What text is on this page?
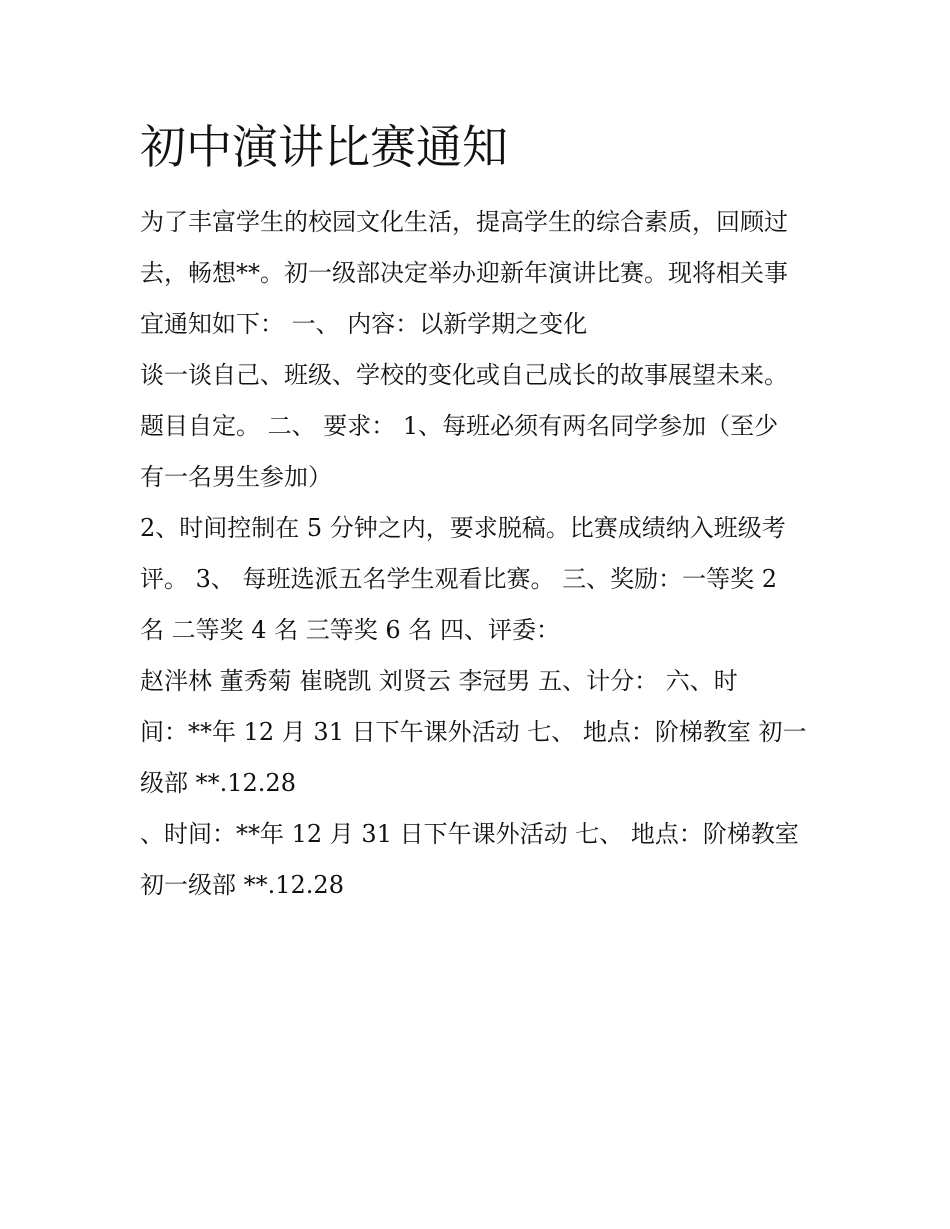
初中演讲比赛通知
为了丰富学生的校园文化生活，提高学生的综合素质，回顾过
去，畅想**。初一级部决定举办迎新年演讲比赛。现将相关事
宜通知如下： 一、 内容：以新学期之变化
谈一谈自己、班级、学校的变化或自己成长的故事展望未来。
题目自定。 二、 要求： 1、每班必须有两名同学参加（至少
有一名男生参加）
2、时间控制在 5 分钟之内，要求脱稿。比赛成绩纳入班级考
评。 3、 每班选派五名学生观看比赛。 三、奖励：一等奖 2
名 二等奖 4 名 三等奖 6 名 四、评委：
赵泮林 董秀菊 崔晓凯 刘贤云 李冠男 五、计分： 六、时
间：**年 12 月 31 日下午课外活动 七、 地点：阶梯教室 初一
级部 **.12.28
、时间：**年 12 月 31 日下午课外活动 七、 地点：阶梯教室
初一级部 **.12.28
